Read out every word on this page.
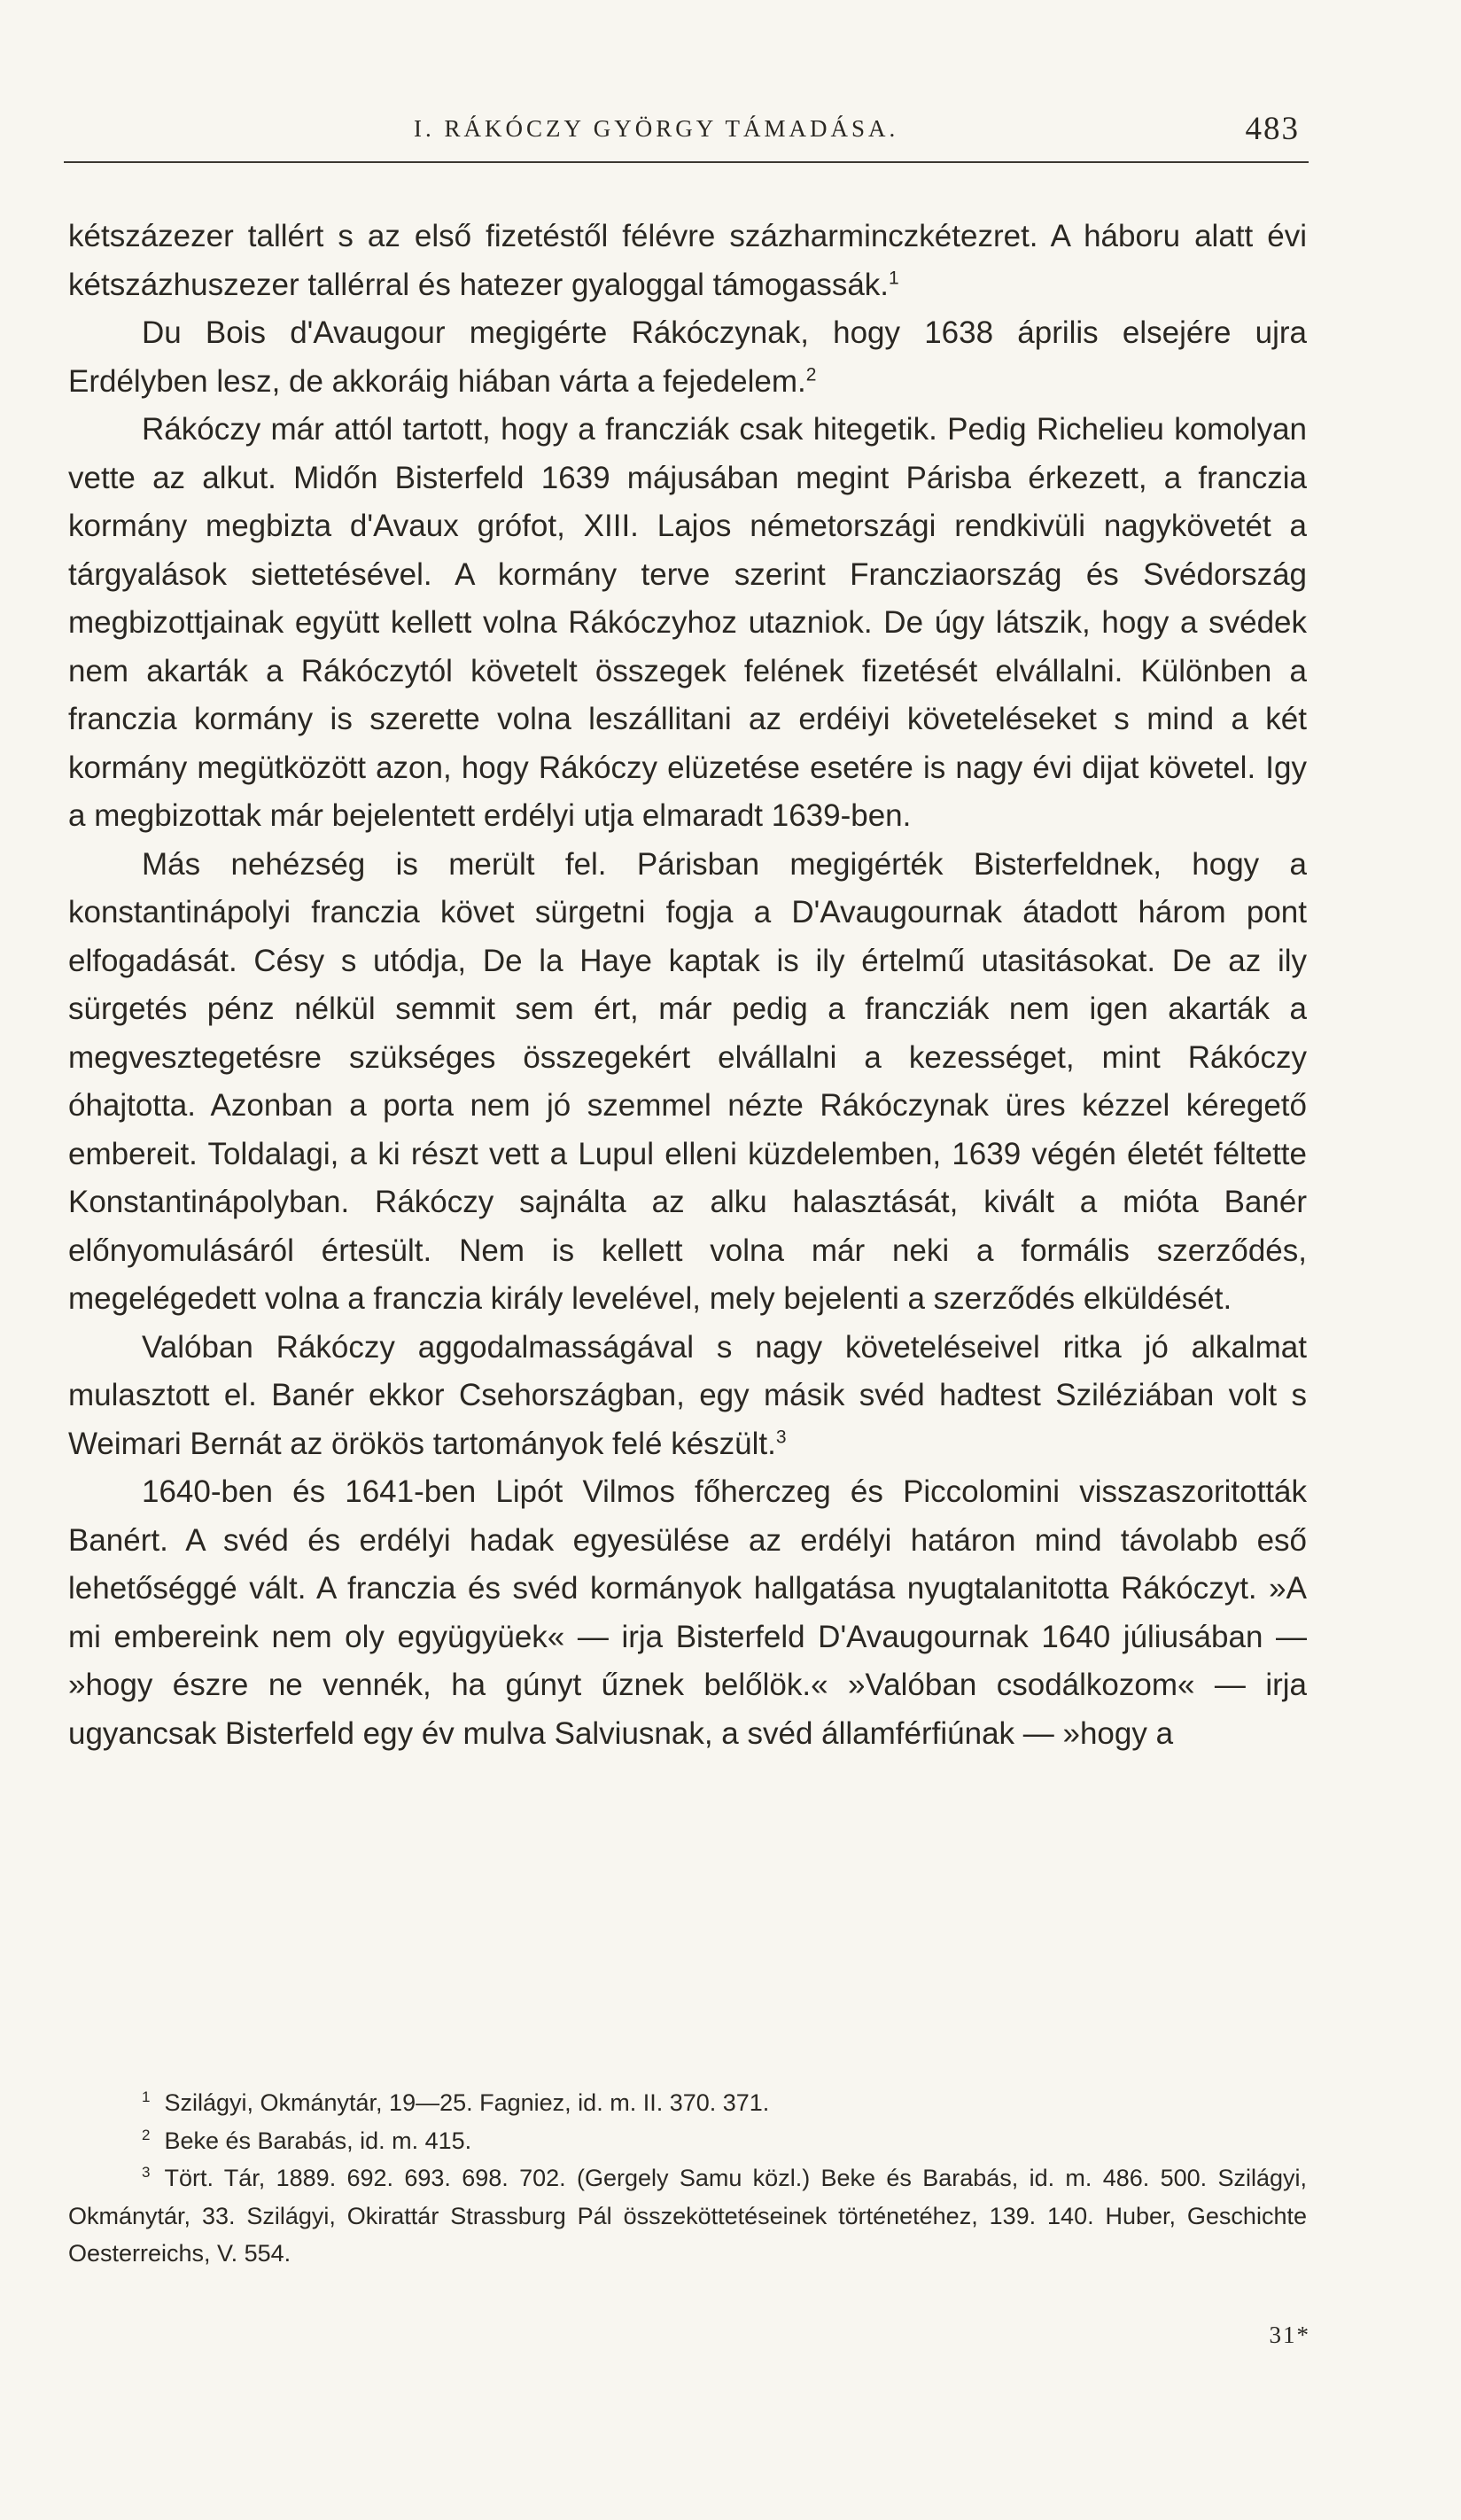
I. RÁKÓCZY GYÖRGY TÁMADÁSA.	483

kétszázezer tallért s az első fizetéstől félévre százharminczkétezret. A háboru alatt évi kétszázhuszezer tallérral és hatezer gyaloggal támogassák.$^1$

Du Bois d'Avaugour megigérte Rákóczynak, hogy 1638 április elsejére ujra Erdélyben lesz, de akkoráig hiában várta a fejedelem.$^2$

Rákóczy már attól tartott, hogy a francziák csak hitegetik. Pedig Richelieu komolyan vette az alkut. Midőn Bisterfeld 1639 májusában megint Párisba érkezett, a franczia kormány megbizta d'Avaux grófot, XIII. Lajos németországi rendkivüli nagykövetét a tárgyalások siettetésével. A kormány terve szerint Francziaország és Svédország megbizottjainak együtt kellett volna Rákóczyhoz utazniok. De úgy látszik, hogy a svédek nem akarták a Rákóczytól követelt összegek felének fizetését elvállalni. Különben a franczia kormány is szerette volna leszállitani az erdéiyi követeléseket s mind a két kormány megütközött azon, hogy Rákóczy elüzetése esetére is nagy évi dijat követel. Igy a megbizottak már bejelentett erdélyi utja elmaradt 1639-ben.

Más nehézség is merült fel. Párisban megigérték Bisterfeldnek, hogy a konstantinápolyi franczia követ sürgetni fogja a D'Avaugournak átadott három pont elfogadását. Césy s utódja, De la Haye kaptak is ily értelmű utasitásokat. De az ily sürgetés pénz nélkül semmit sem ért, már pedig a francziák nem igen akarták a megvesztegetésre szükséges összegekért elvállalni a kezességet, mint Rákóczy óhajtotta. Azonban a porta nem jó szemmel nézte Rákóczynak üres kézzel kéregető embereit. Toldalagi, a ki részt vett a Lupul elleni küzdelemben, 1639 végén életét féltette Konstantinápolyban. Rákóczy sajnálta az alku halasztását, kivált a mióta Banér előnyomulásáról értesült. Nem is kellett volna már neki a formális szerződés, megelégedett volna a franczia király levelével, mely bejelenti a szerződés elküldését.

Valóban Rákóczy aggodalmasságával s nagy követeléseivel ritka jó alkalmat mulasztott el. Banér ekkor Csehországban, egy másik svéd hadtest Sziléziában volt s Weimari Bernát az örökös tartományok felé készült.$^3$

1640-ben és 1641-ben Lipót Vilmos főherczeg és Piccolomini visszaszoritották Banért. A svéd és erdélyi hadak egyesülése az erdélyi határon mind távolabb eső lehetőséggé vált. A franczia és svéd kormányok hallgatása nyugtalanitotta Rákóczyt. »A mi embereink nem oly együgyüek« — irja Bisterfeld D'Avaugournak 1640 júliusában — »hogy észre ne vennék, ha gúnyt űznek belőlök.« »Valóban csodálkozom« — irja ugyancsak Bisterfeld egy év mulva Salviusnak, a svéd államférfiúnak — »hogy a

$^1$ Szilágyi, Okmánytár, 19—25. Fagniez, id. m. II. 370. 371.

$^2$ Beke és Barabás, id. m. 415.

$^3$ Tört. Tár, 1889. 692. 693. 698. 702. (Gergely Samu közl.) Beke és Barabás, id. m. 486. 500. Szilágyi, Okmánytár, 33. Szilágyi, Okirattár Strassburg Pál összeköttetéseinek történetéhez, 139. 140. Huber, Geschichte Oesterreichs, V. 554.

31*
